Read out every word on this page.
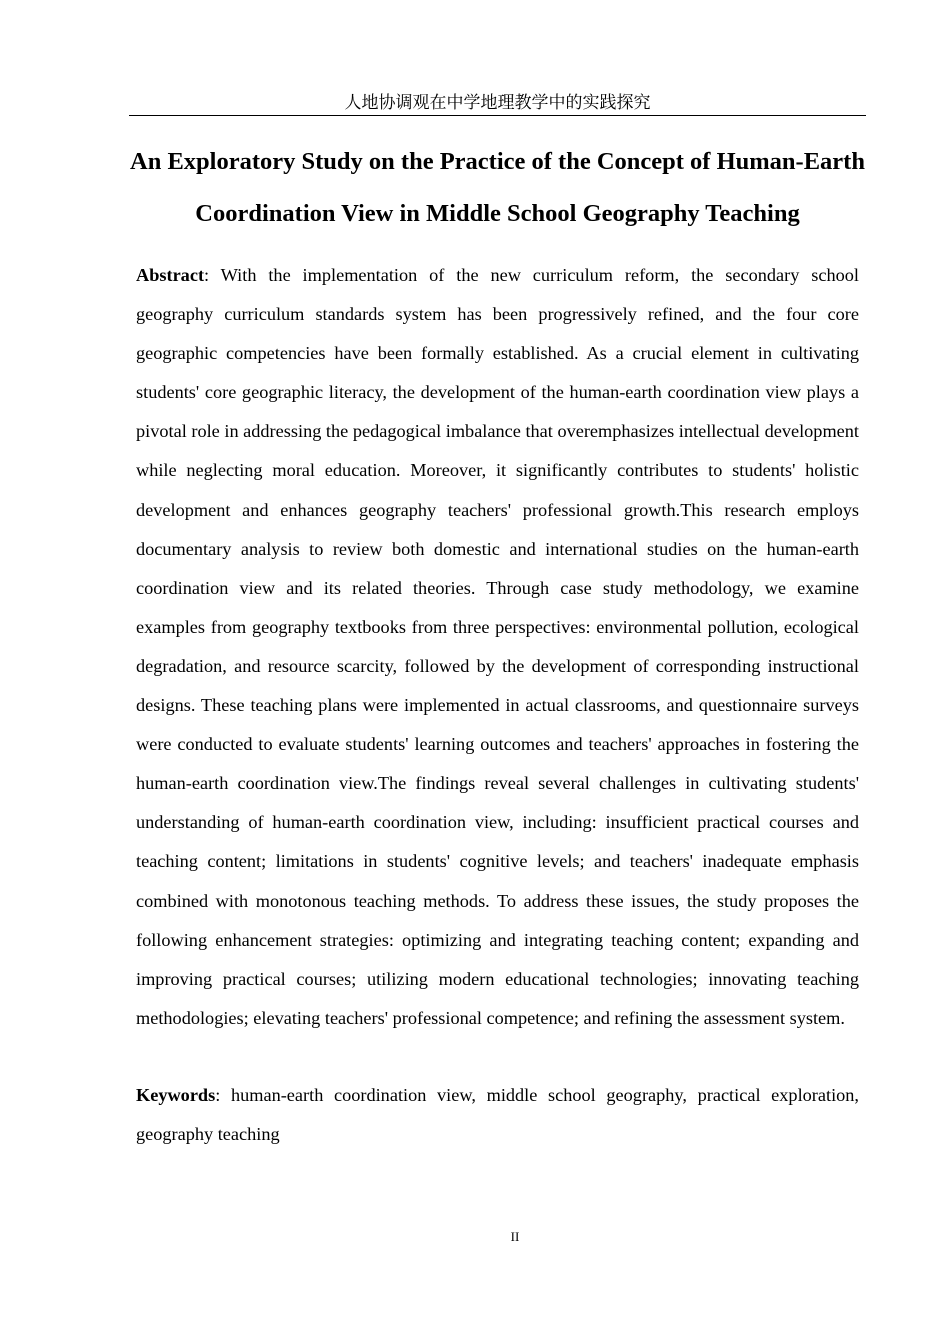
人地协调观在中学地理教学中的实践探究
An Exploratory Study on the Practice of the Concept of Human-Earth Coordination View in Middle School Geography Teaching

Abstract: With the implementation of the new curriculum reform, the secondary school geography curriculum standards system has been progressively refined, and the four core geographic competencies have been formally established. As a crucial element in cultivating students' core geographic literacy, the development of the human-earth coordination view plays a pivotal role in addressing the pedagogical imbalance that overemphasizes intellectual development while neglecting moral education. Moreover, it significantly contributes to students' holistic development and enhances geography teachers' professional growth.This research employs documentary analysis to review both domestic and international studies on the human-earth coordination view and its related theories. Through case study methodology, we examine examples from geography textbooks from three perspectives: environmental pollution, ecological degradation, and resource scarcity, followed by the development of corresponding instructional designs. These teaching plans were implemented in actual classrooms, and questionnaire surveys were conducted to evaluate students' learning outcomes and teachers' approaches in fostering the human-earth coordination view.The findings reveal several challenges in cultivating students' understanding of human-earth coordination view, including: insufficient practical courses and teaching content; limitations in students' cognitive levels; and teachers' inadequate emphasis combined with monotonous teaching methods. To address these issues, the study proposes the following enhancement strategies: optimizing and integrating teaching content; expanding and improving practical courses; utilizing modern educational technologies; innovating teaching methodologies; elevating teachers' professional competence; and refining the assessment system.

Keywords: human-earth coordination view, middle school geography, practical exploration, geography teaching

II
